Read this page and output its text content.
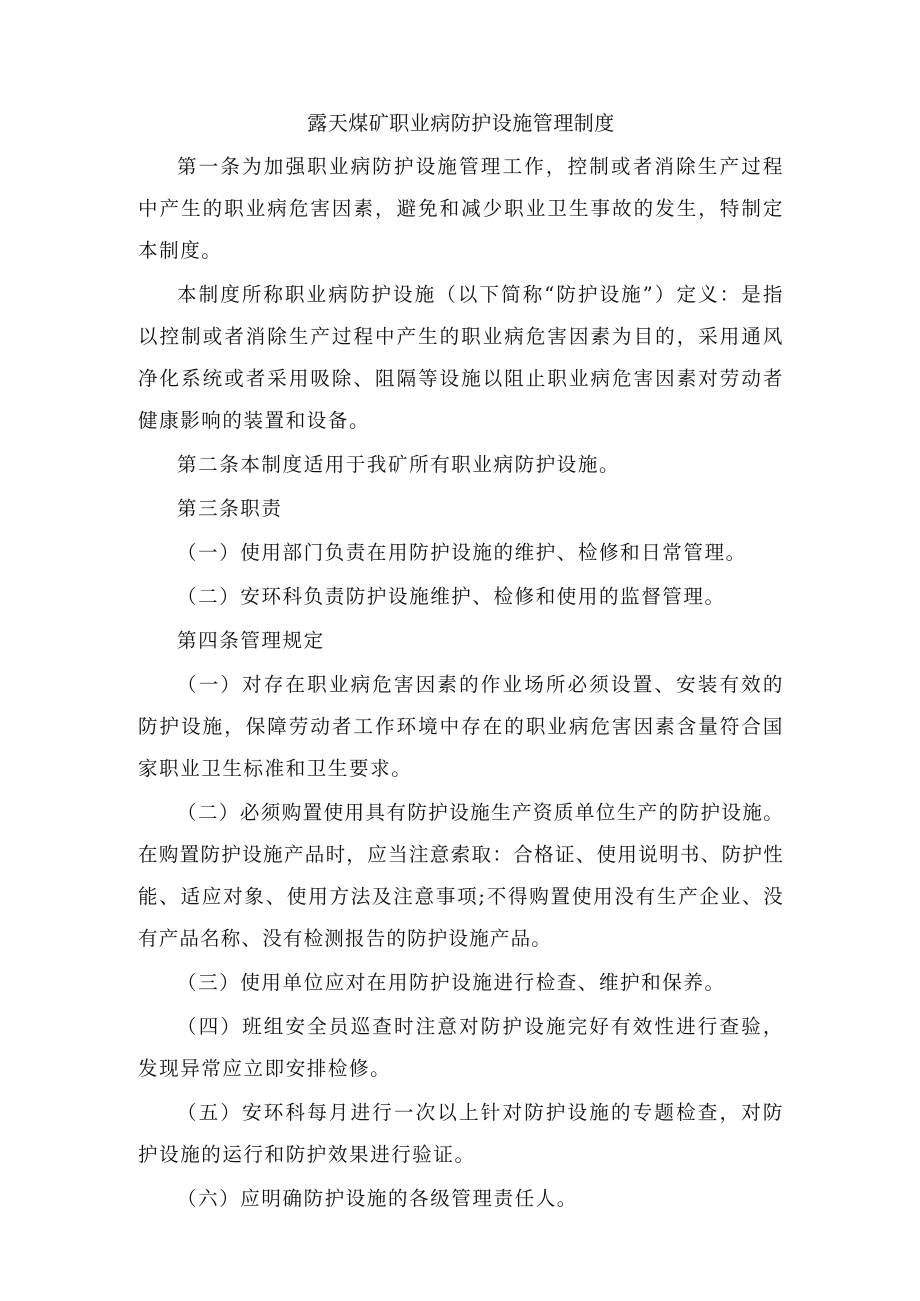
露天煤矿职业病防护设施管理制度

第一条为加强职业病防护设施管理工作，控制或者消除生产过程中产生的职业病危害因素，避免和减少职业卫生事故的发生，特制定本制度。

本制度所称职业病防护设施（以下简称“防护设施”）定义：是指以控制或者消除生产过程中产生的职业病危害因素为目的，采用通风净化系统或者采用吸除、阻隔等设施以阻止职业病危害因素对劳动者健康影响的装置和设备。

第二条本制度适用于我矿所有职业病防护设施。

第三条职责

（一）使用部门负责在用防护设施的维护、检修和日常管理。

（二）安环科负责防护设施维护、检修和使用的监督管理。

第四条管理规定

（一）对存在职业病危害因素的作业场所必须设置、安装有效的防护设施，保障劳动者工作环境中存在的职业病危害因素含量符合国家职业卫生标准和卫生要求。

（二）必须购置使用具有防护设施生产资质单位生产的防护设施。在购置防护设施产品时，应当注意索取：合格证、使用说明书、防护性能、适应对象、使用方法及注意事项;不得购置使用没有生产企业、没有产品名称、没有检测报告的防护设施产品。

（三）使用单位应对在用防护设施进行检查、维护和保养。

（四）班组安全员巡查时注意对防护设施完好有效性进行查验，发现异常应立即安排检修。

（五）安环科每月进行一次以上针对防护设施的专题检查，对防护设施的运行和防护效果进行验证。

（六）应明确防护设施的各级管理责任人。
